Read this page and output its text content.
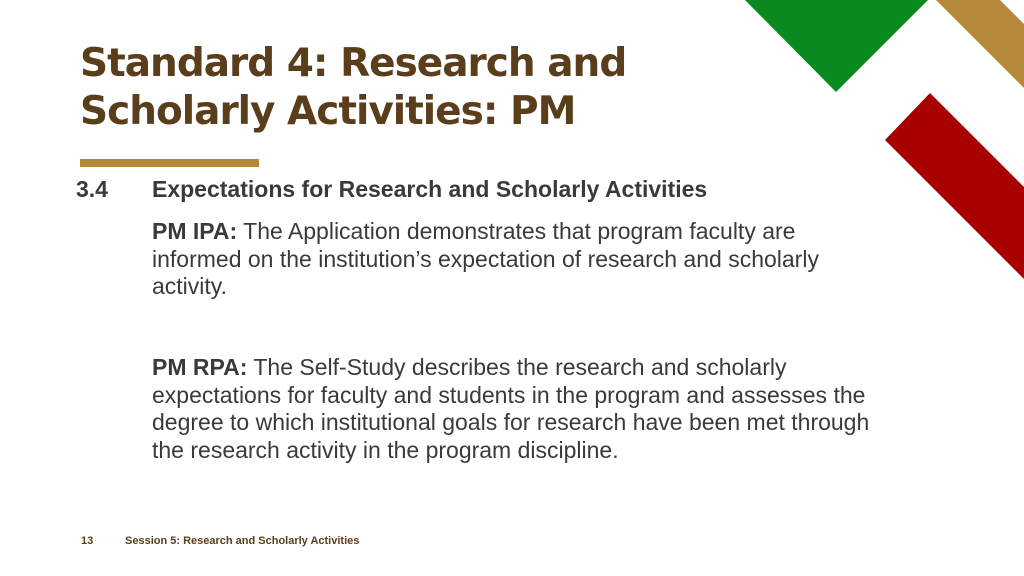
Standard 4: Research and
Scholarly Activities: PM
3.4 Expectations for Research and Scholarly Activities

PM IPA: The Application demonstrates that program faculty are informed on the institution’s expectation of research and scholarly activity.

PM RPA: The Self-Study describes the research and scholarly expectations for faculty and students in the program and assesses the degree to which institutional goals for research have been met through the research activity in the program discipline.

13	Session 5: Research and Scholarly Activities
